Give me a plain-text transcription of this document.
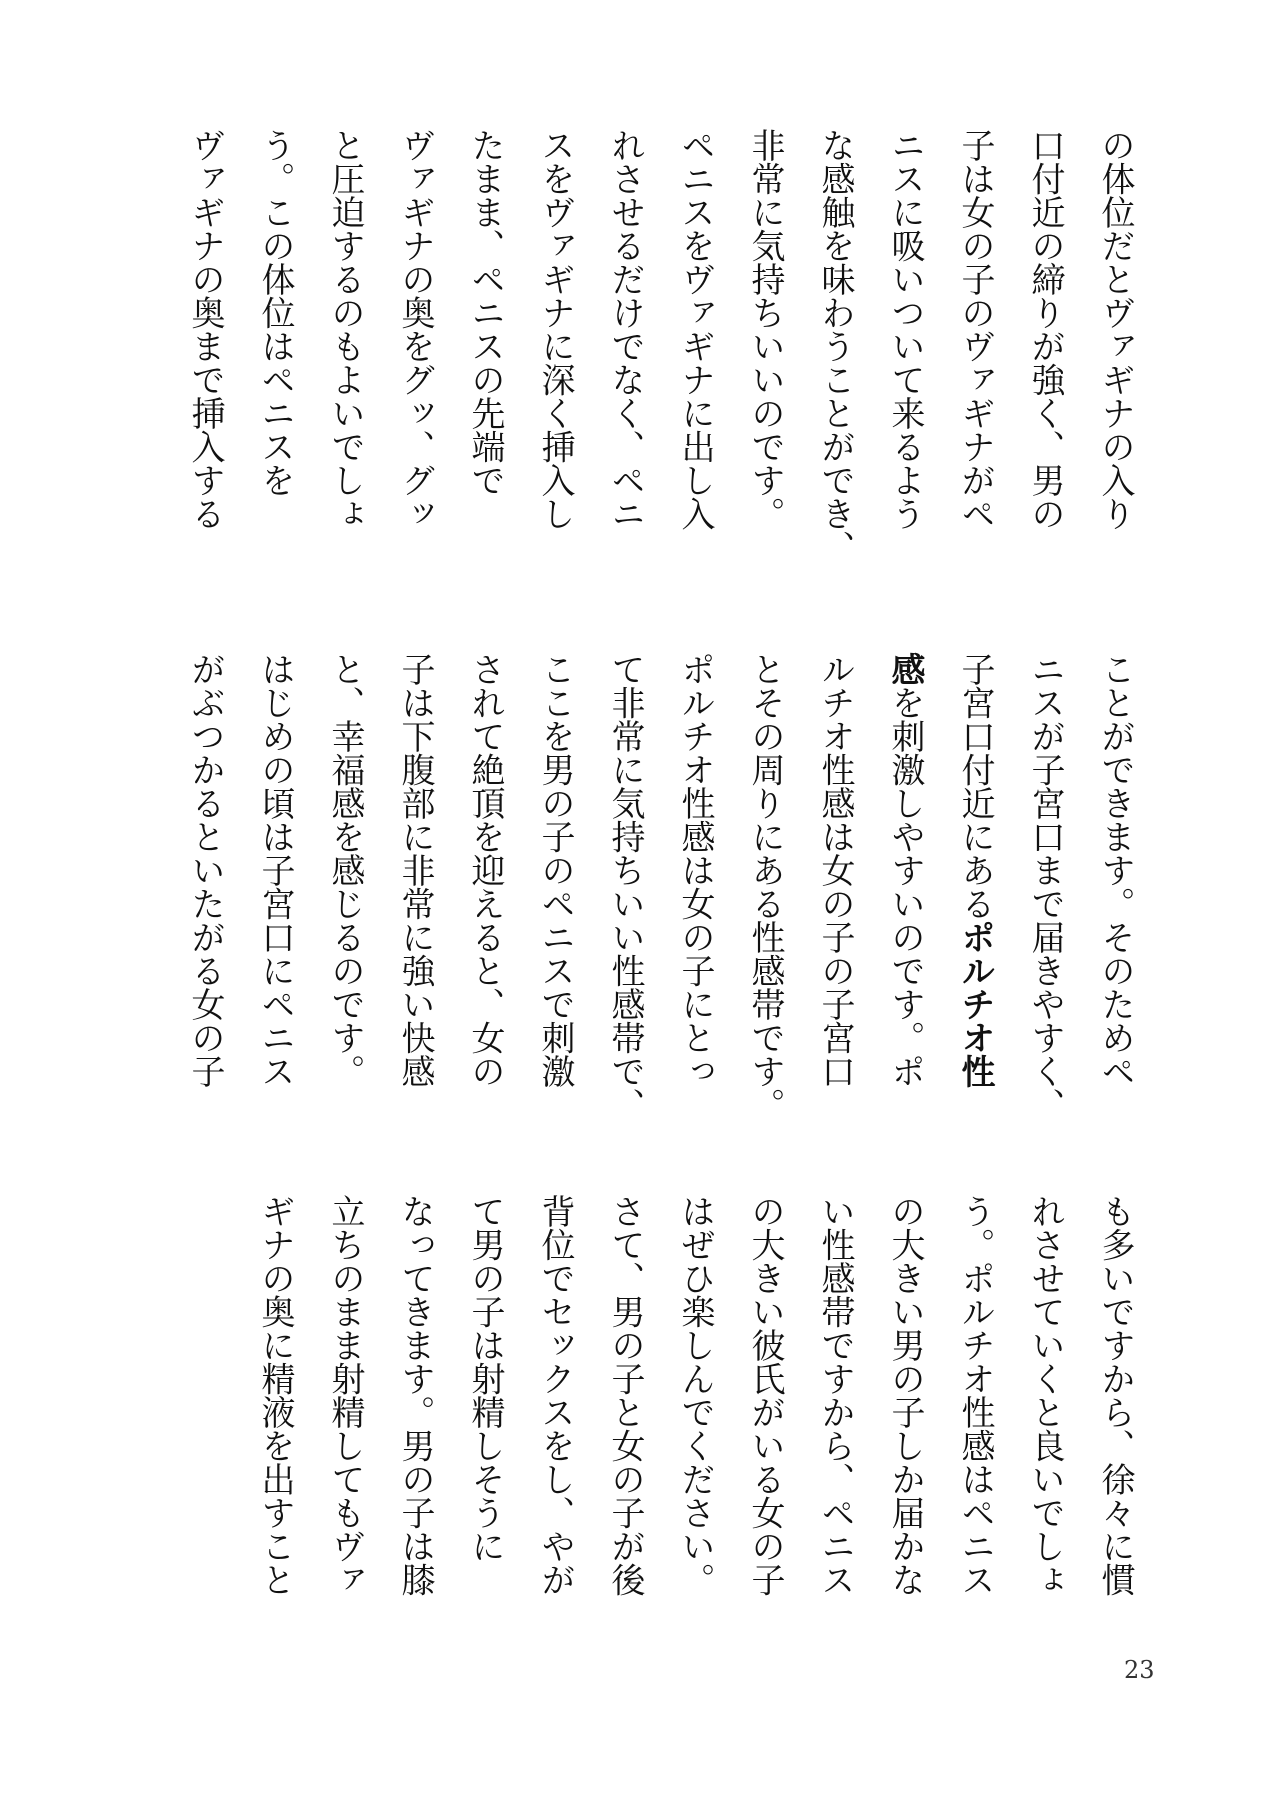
の体位だとヴァギナの入り
口付近の締りが強く、男の
子は女の子のヴァギナがペ
ニスに吸いついて来るよう
な感触を味わうことができ、
非常に気持ちいいのです。
ペニスをヴァギナに出し入
れさせるだけでなく、ペニ
スをヴァギナに深く挿入し
たまま、ペニスの先端で
ヴァギナの奥をグッ、グッ
と圧迫するのもよいでしょ
う。この体位はペニスを
ヴァギナの奥まで挿入する
ことができます。そのためペ
ニスが子宮口まで届きやすく、
子宮口付近にあるポルチオ性
感を刺激しやすいのです。ポ
ルチオ性感は女の子の子宮口
とその周りにある性感帯です。
ポルチオ性感は女の子にとっ
て非常に気持ちいい性感帯で、
ここを男の子のペニスで刺激
されて絶頂を迎えると、女の
子は下腹部に非常に強い快感
と、幸福感を感じるのです。
はじめの頃は子宮口にペニス
がぶつかるといたがる女の子
も多いですから、徐々に慣
れさせていくと良いでしょ
う。ポルチオ性感はペニス
の大きい男の子しか届かな
い性感帯ですから、ペニス
の大きい彼氏がいる女の子
はぜひ楽しんでください。
さて、男の子と女の子が後
背位でセックスをし、やが
て男の子は射精しそうに
なってきます。男の子は膝
立ちのまま射精してもヴァ
ギナの奥に精液を出すこと
23
